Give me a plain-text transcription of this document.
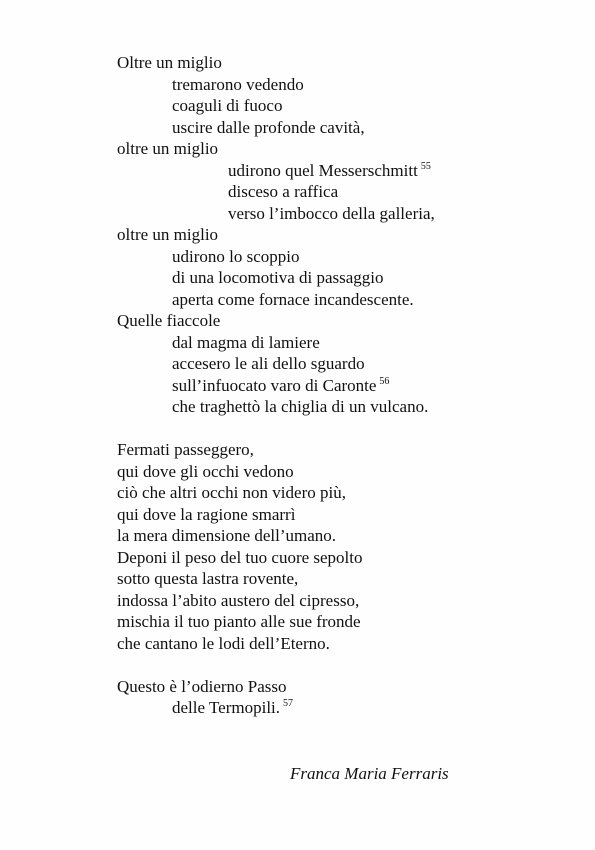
Oltre un miglio
tremarono vedendo
coaguli di fuoco
uscire dalle profonde cavità,
oltre un miglio
udirono quel Messerschmitt $^{55}$
disceso a raffica
verso l’imbocco della galleria,
oltre un miglio
udirono lo scoppio
di una locomotiva di passaggio
aperta come fornace incandescente.
Quelle fiaccole
dal magma di lamiere
accesero le ali dello sguardo
sull’infuocato varo di Caronte $^{56}$
che traghettò la chiglia di un vulcano.
Fermati passeggero,
qui dove gli occhi vedono
ciò che altri occhi non videro più,
qui dove la ragione smarrì
la mera dimensione dell’umano.
Deponi il peso del tuo cuore sepolto
sotto questa lastra rovente,
indossa l’abito austero del cipresso,
mischia il tuo pianto alle sue fronde
che cantano le lodi dell’Eterno.
Questo è l’odierno Passo
delle Termopili. $^{57}$
Franca Maria Ferraris
